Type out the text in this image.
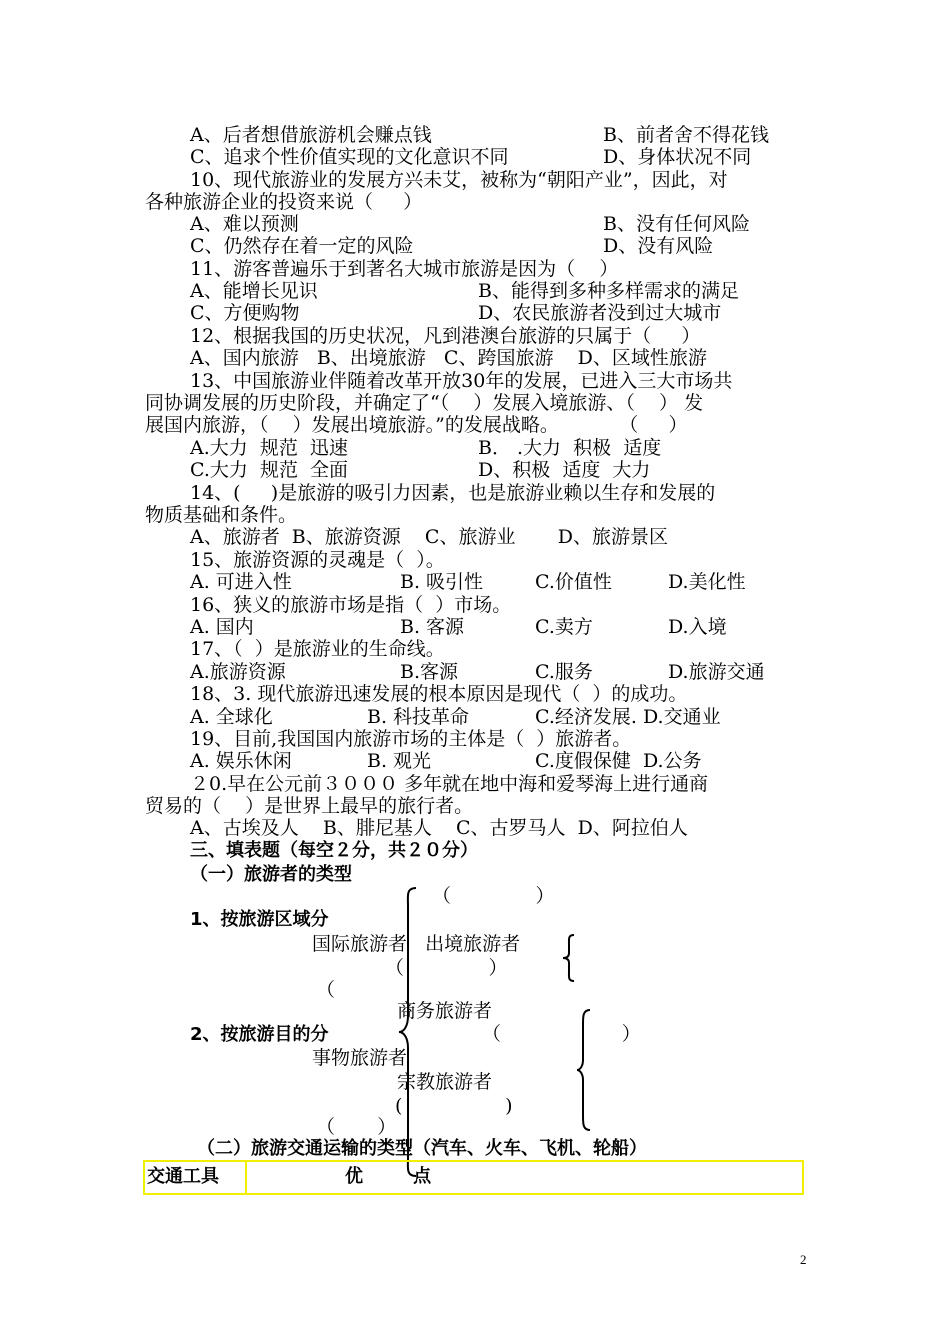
A、后者想借旅游机会赚点钱	B、前者舍不得花钱
C、追求个性价值实现的文化意识不同	D、身体状况不同
10、现代旅游业的发展方兴未艾，被称为“朝阳产业”，因此，对
各种旅游企业的投资来说（     ）
A、难以预测	B、没有任何风险
C、仍然存在着一定的风险	D、没有风险
11、游客普遍乐于到著名大城市旅游是因为（    ）
A、能增长见识	B、能得到多种多样需求的满足
C、方便购物	D、农民旅游者没到过大城市
12、根据我国的历史状况，凡到港澳台旅游的只属于（     ）
A、国内旅游   B、出境旅游   C、跨国旅游    D、区域性旅游
13、中国旅游业伴随着改革开放30年的发展，已进入三大市场共
同协调发展的历史阶段，并确定了“（    ）发展入境旅游、（    ） 发
展国内旅游，（    ）发展出境旅游。”的发展战略。          （     ）
A.大力  规范  迅速	B． .大力  积极  适度
C.大力  规范  全面	D、积极  适度  大力
14、(     )是旅游的吸引力因素，也是旅游业赖以生存和发展的
物质基础和条件。
A、旅游者  B、旅游资源    C、旅游业       D、旅游景区
15、旅游资源的灵魂是（  ）。
A. 可进入性	B. 吸引性	C.价值性	D.美化性
16、狭义的旅游市场是指（  ）市场。
A. 国内	B. 客源	C.卖方	D.入境
17、（  ）是旅游业的生命线。
A.旅游资源	B.客源	C.服务	D.旅游交通
18、3. 现代旅游迅速发展的根本原因是现代（  ）的成功。
A. 全球化	B. 科技革命	C.经济发展. D.交通业
19、目前,我国国内旅游市场的主体是（  ）旅游者。
A. 娱乐休闲	B. 观光	C.度假保健  D.公务
２0.早在公元前３０００ 多年就在地中海和爱琴海上进行通商
贸易的（    ）是世界上最早的旅行者。
A、古埃及人    B、腓尼基人    C、古罗马人  D、阿拉伯人
三、填表题（每空２分，共２０分）
（一）旅游者的类型
（              ）
1、按旅游区域分
国际旅游者   出境旅游者
（              ）
（
商务旅游者
2、按旅游目的分	（                    ）
事物旅游者
宗教旅游者
(                 )
（       ）
（二）旅游交通运输的类型（汽车、火车、飞机、轮船）
交通工具	优        点
2
